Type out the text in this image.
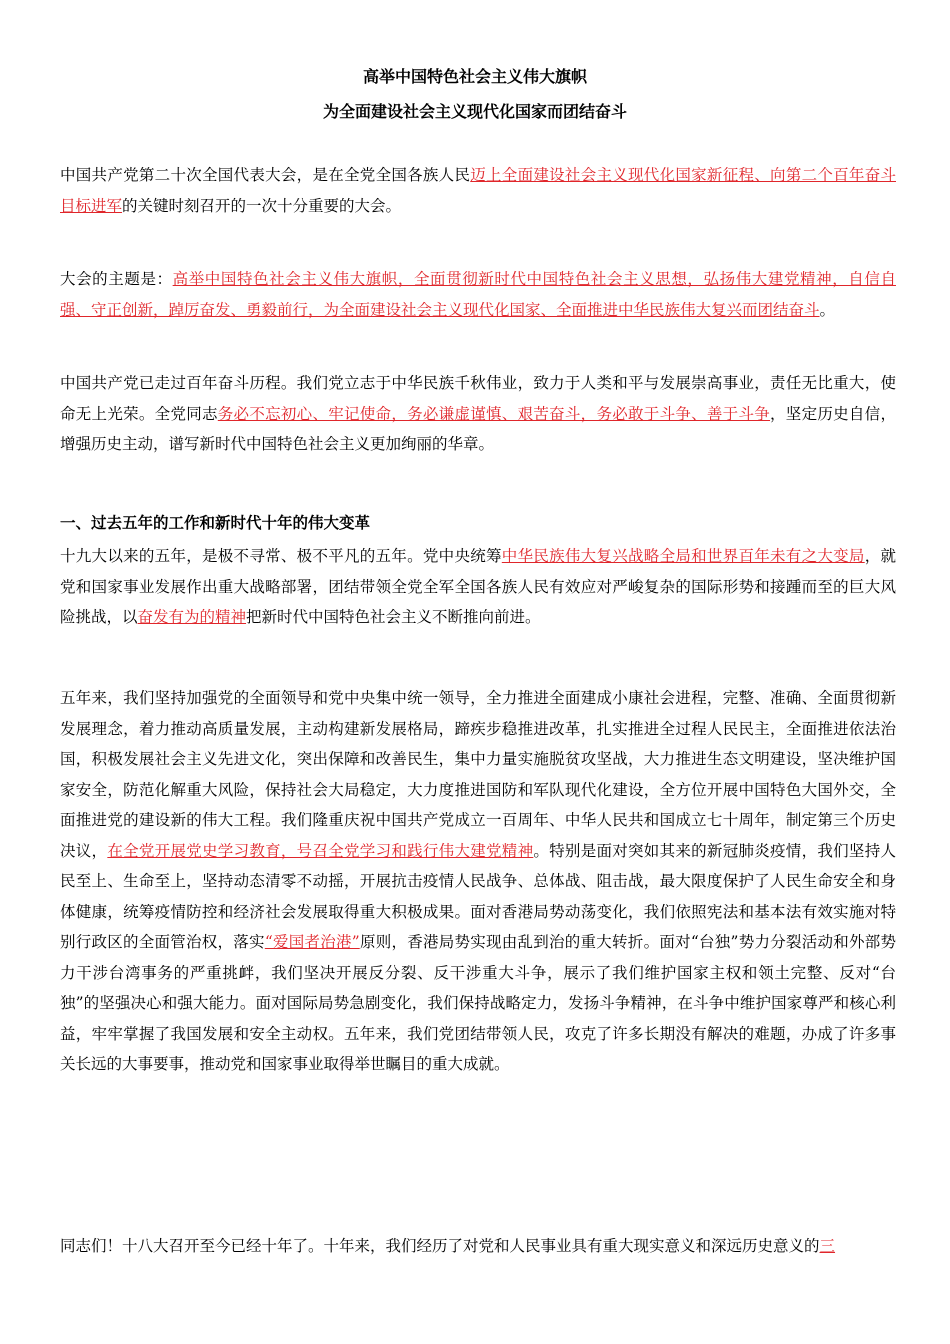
高举中国特色社会主义伟大旗帜
为全面建设社会主义现代化国家而团结奋斗
中国共产党第二十次全国代表大会，是在全党全国各族人民迈上全面建设社会主义现代化国家新征程、向第二个百年奋斗目标进军的关键时刻召开的一次十分重要的大会。
大会的主题是：高举中国特色社会主义伟大旗帜，全面贯彻新时代中国特色社会主义思想，弘扬伟大建党精神，自信自强、守正创新，踔厉奋发、勇毅前行，为全面建设社会主义现代化国家、全面推进中华民族伟大复兴而团结奋斗。
中国共产党已走过百年奋斗历程。我们党立志于中华民族千秋伟业，致力于人类和平与发展崇高事业，责任无比重大，使命无上光荣。全党同志务必不忘初心、牢记使命，务必谦虚谨慎、艰苦奋斗，务必敢于斗争、善于斗争，坚定历史自信，增强历史主动，谱写新时代中国特色社会主义更加绚丽的华章。
一、过去五年的工作和新时代十年的伟大变革
十九大以来的五年，是极不寻常、极不平凡的五年。党中央统筹中华民族伟大复兴战略全局和世界百年未有之大变局，就党和国家事业发展作出重大战略部署，团结带领全党全军全国各族人民有效应对严峻复杂的国际形势和接踵而至的巨大风险挑战，以奋发有为的精神把新时代中国特色社会主义不断推向前进。
五年来，我们坚持加强党的全面领导和党中央集中统一领导，全力推进全面建成小康社会进程，完整、准确、全面贯彻新发展理念，着力推动高质量发展，主动构建新发展格局，蹄疾步稳推进改革，扎实推进全过程人民民主，全面推进依法治国，积极发展社会主义先进文化，突出保障和改善民生，集中力量实施脱贫攻坚战，大力推进生态文明建设，坚决维护国家安全，防范化解重大风险，保持社会大局稳定，大力度推进国防和军队现代化建设，全方位开展中国特色大国外交，全面推进党的建设新的伟大工程。我们隆重庆祝中国共产党成立一百周年、中华人民共和国成立七十周年，制定第三个历史决议，在全党开展党史学习教育，号召全党学习和践行伟大建党精神。特别是面对突如其来的新冠肺炎疫情，我们坚持人民至上、生命至上，坚持动态清零不动摇，开展抗击疫情人民战争、总体战、阻击战，最大限度保护了人民生命安全和身体健康，统筹疫情防控和经济社会发展取得重大积极成果。面对香港局势动荡变化，我们依照宪法和基本法有效实施对特别行政区的全面管治权，落实“爱国者治港”原则，香港局势实现由乱到治的重大转折。面对“台独”势力分裂活动和外部势力干涉台湾事务的严重挑衅，我们坚决开展反分裂、反干涉重大斗争，展示了我们维护国家主权和领土完整、反对“台独”的坚强决心和强大能力。面对国际局势急剧变化，我们保持战略定力，发扬斗争精神，在斗争中维护国家尊严和核心利益，牢牢掌握了我国发展和安全主动权。五年来，我们党团结带领人民，攻克了许多长期没有解决的难题，办成了许多事关长远的大事要事，推动党和国家事业取得举世瞩目的重大成就。
同志们！十八大召开至今已经十年了。十年来，我们经历了对党和人民事业具有重大现实意义和深远历史意义的三
